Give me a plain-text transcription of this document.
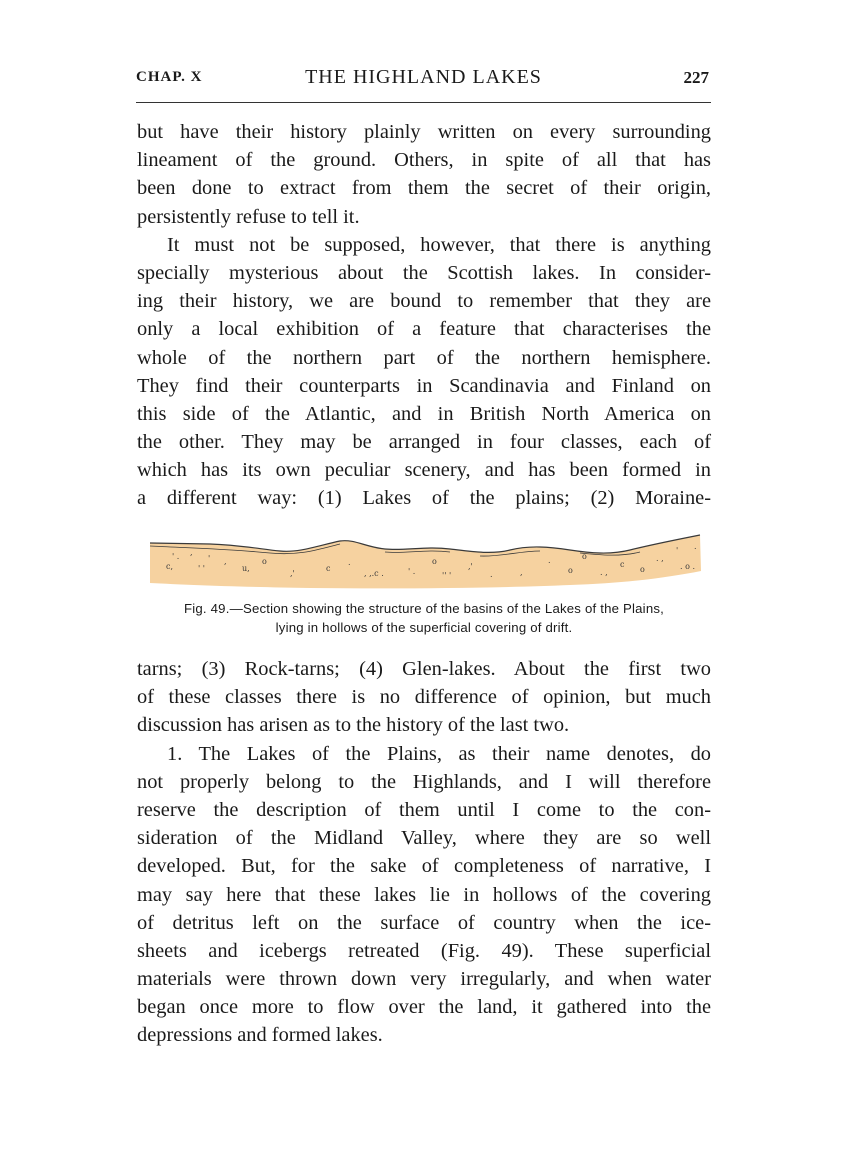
CHAP. X	THE HIGHLAND LAKES	227
but have their history plainly written on every surrounding
lineament of the ground. Others, in spite of all that has
been done to extract from them the secret of their origin,
persistently refuse to tell it.
It must not be supposed, however, that there is anything
specially mysterious about the Scottish lakes. In consider-
ing their history, we are bound to remember that they are
only a local exhibition of a feature that characterises the
whole of the northern part of the northern hemisphere.
They find their counterparts in Scandinavia and Finland on
this side of the Atlantic, and in British North America on
the other. They may be arranged in four classes, each of
which has its own peculiar scenery, and has been formed in
a different way: (1) Lakes of the plains; (2) Moraine-
' . ,
'
c,	' '
,
u,
o
,'
c
.
, ,.c .	' .
o
'' '
,'
.	,
.
o
o
. ,
c
o
. ,
'
. o .
.
Fig. 49.—Section showing the structure of the basins of the Lakes of the Plains,
lying in hollows of the superficial covering of drift.
tarns; (3) Rock-tarns; (4) Glen-lakes. About the first two
of these classes there is no difference of opinion, but much
discussion has arisen as to the history of the last two.
1. The Lakes of the Plains, as their name denotes, do
not properly belong to the Highlands, and I will therefore
reserve the description of them until I come to the con-
sideration of the Midland Valley, where they are so well
developed. But, for the sake of completeness of narrative, I
may say here that these lakes lie in hollows of the covering
of detritus left on the surface of country when the ice-
sheets and icebergs retreated (Fig. 49). These superficial
materials were thrown down very irregularly, and when water
began once more to flow over the land, it gathered into the
depressions and formed lakes.
